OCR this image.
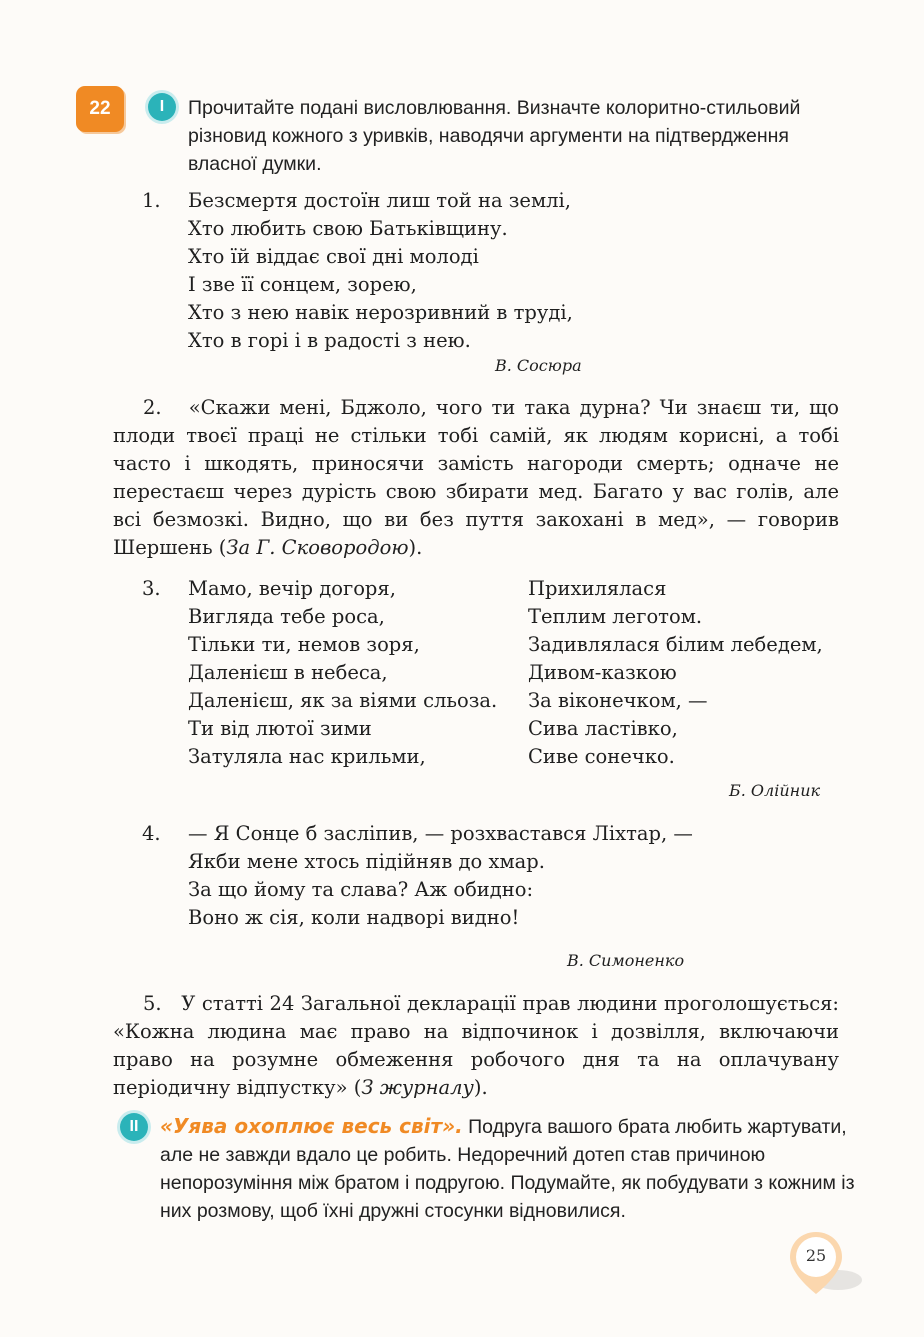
22	I	Прочитайте подані висловлювання. Визначте колоритно-стильовий різновид кожного з уривків, наводячи аргументи на підтвердження власної думки.
1. Безсмертя достоїн лиш той на землі,
Хто любить свою Батьківщину.
Хто їй віддає свої дні молоді
І зве її сонцем, зорею,
Хто з нею навік нерозривний в труді,
Хто в горі і в радості з нею.
В. Сосюра
2. «Скажи мені, Бджоло, чого ти така дурна? Чи знаєш ти, що плоди твоєї праці не стільки тобі самій, як людям корисні, а тобі часто і шкодять, приносячи замість нагороди смерть; одначе не перестаєш через дурість свою збирати мед. Багато у вас голів, але всі безмозкі. Видно, що ви без пуття закохані в мед», — говорив Шершень (За Г. Сковородою).
3. Мамо, вечір догоря,
Вигляда тебе роса,
Тільки ти, немов зоря,
Даленієш в небеса,
Даленієш, як за віями сльоза.
Ти від лютої зими
Затуляла нас крильми,
Прихилялася
Теплим леготом.
Задивлялася білим лебедем,
Дивом-казкою
За віконечком, —
Сива ластівко,
Сиве сонечко.
Б. Олійник
4. — Я Сонце б засліпив, — розхвастався Ліхтар, —
Якби мене хтось підійняв до хмар.
За що йому та слава? Аж обидно:
Воно ж сія, коли надворі видно!
В. Симоненко
5. У статті 24 Загальної декларації прав людини проголошується: «Кожна людина має право на відпочинок і дозвілля, включаючи право на розумне обмеження робочого дня та на оплачувану періодичну відпустку» (З журналу).
II	«Уява охоплює весь світ». Подруга вашого брата любить жартувати, але не завжди вдало це робить. Недоречний дотеп став причиною непорозуміння між братом і подругою. Подумайте, як побудувати з кожним із них розмову, щоб їхні дружні стосунки відновилися.
25
